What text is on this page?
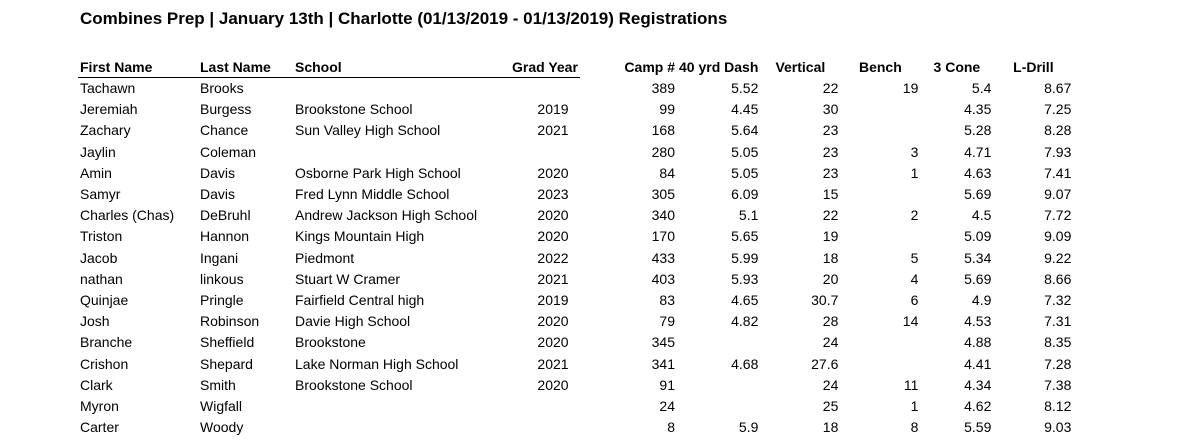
Combines Prep | January 13th | Charlotte (01/13/2019 - 01/13/2019) Registrations
First Name	Last Name	School	Grad Year	Camp #	40 yrd Dash	Vertical	Bench	3 Cone	L-Drill
Tachawn	Brooks			389	5.52	22	19	5.4	8.67
Jeremiah	Burgess	Brookstone School	2019	99	4.45	30		4.35	7.25
Zachary	Chance	Sun Valley High School	2021	168	5.64	23		5.28	8.28
Jaylin	Coleman			280	5.05	23	3	4.71	7.93
Amin	Davis	Osborne Park High School	2020	84	5.05	23	1	4.63	7.41
Samyr	Davis	Fred Lynn Middle School	2023	305	6.09	15		5.69	9.07
Charles (Chas)	DeBruhl	Andrew Jackson High School	2020	340	5.1	22	2	4.5	7.72
Triston	Hannon	Kings Mountain High	2020	170	5.65	19		5.09	9.09
Jacob	Ingani	Piedmont	2022	433	5.99	18	5	5.34	9.22
nathan	linkous	Stuart W Cramer	2021	403	5.93	20	4	5.69	8.66
Quinjae	Pringle	Fairfield Central high	2019	83	4.65	30.7	6	4.9	7.32
Josh	Robinson	Davie High School	2020	79	4.82	28	14	4.53	7.31
Branche	Sheffield	Brookstone	2020	345		24		4.88	8.35
Crishon	Shepard	Lake Norman High School	2021	341	4.68	27.6		4.41	7.28
Clark	Smith	Brookstone School	2020	91		24	11	4.34	7.38
Myron	Wigfall			24		25	1	4.62	8.12
Carter	Woody			8	5.9	18	8	5.59	9.03
